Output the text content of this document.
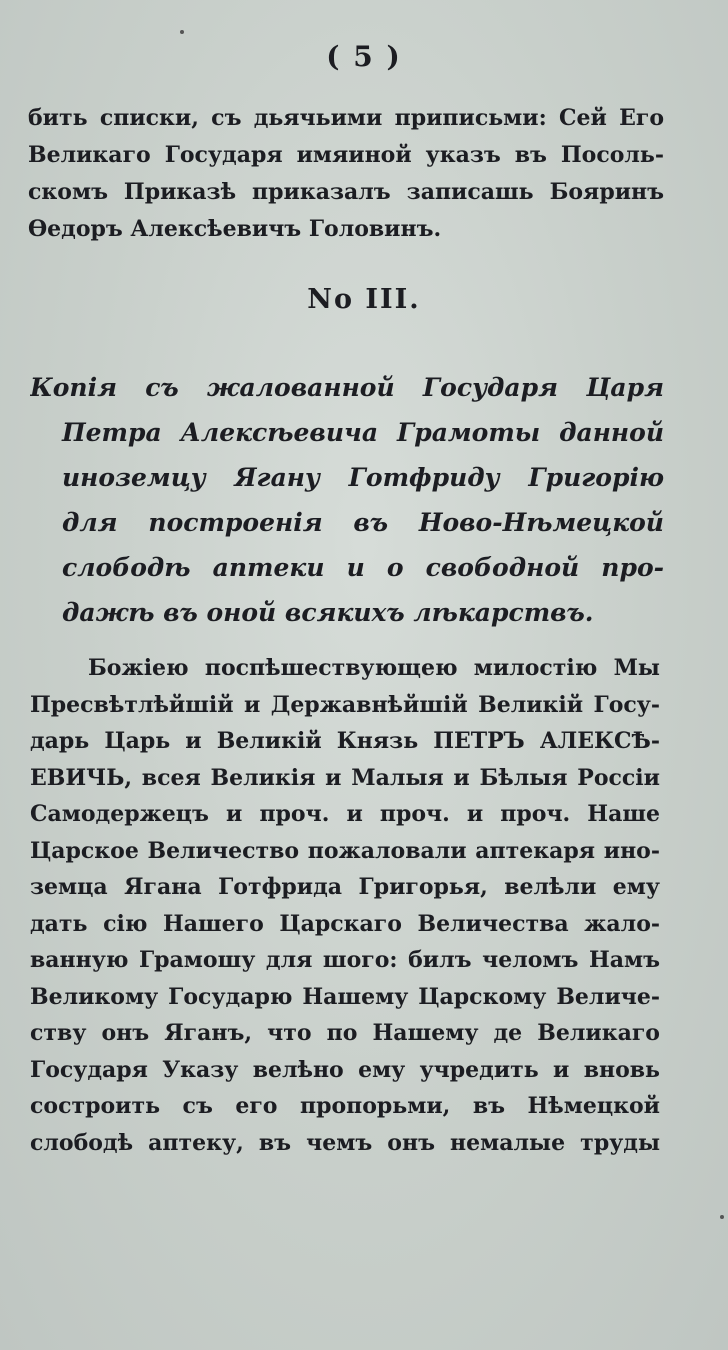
( 5 )
бить списки, съ дьячьими приписьми: Сей Его
Великаго Государя имяиной указъ въ Посоль-
скомъ Приказѣ приказалъ записашь Бояринъ
Ѳедоръ Алексѣевичъ Головинъ.
No III.
Копія съ жалованной Государя Царя
Петра Алексѣевича Грамоты данной
иноземцу Ягану Готфриду Григорію
для построенія въ Ново-Нѣмецкой
слободѣ аптеки и о свободной про-
дажѣ въ оной всякихъ лѣкарствъ.
Божіею поспѣшествующею милостію Мы
Пресвѣтлѣйшій и Державнѣйшій Великій Госу-
дарь Царь и Великій Князь ПЕТРЪ АЛЕКСѢ-
ЕВИЧЬ, всея Великія и Малыя и Бѣлыя Россіи
Самодержецъ и проч. и проч. и проч. Наше
Царское Величество пожаловали аптекаря ино-
земца Ягана Готфрида Григорья, велѣли ему
дать сію Нашего Царскаго Величества жало-
ванную Грамошу для шого: билъ челомъ Намъ
Великому Государю Нашему Царскому Величе-
ству онъ Яганъ, что по Нашему де Великаго
Государя Указу велѣно ему учредить и вновь
состроить съ его пропорьми, въ Нѣмецкой
слободѣ аптеку, въ чемъ онъ немалые труды
